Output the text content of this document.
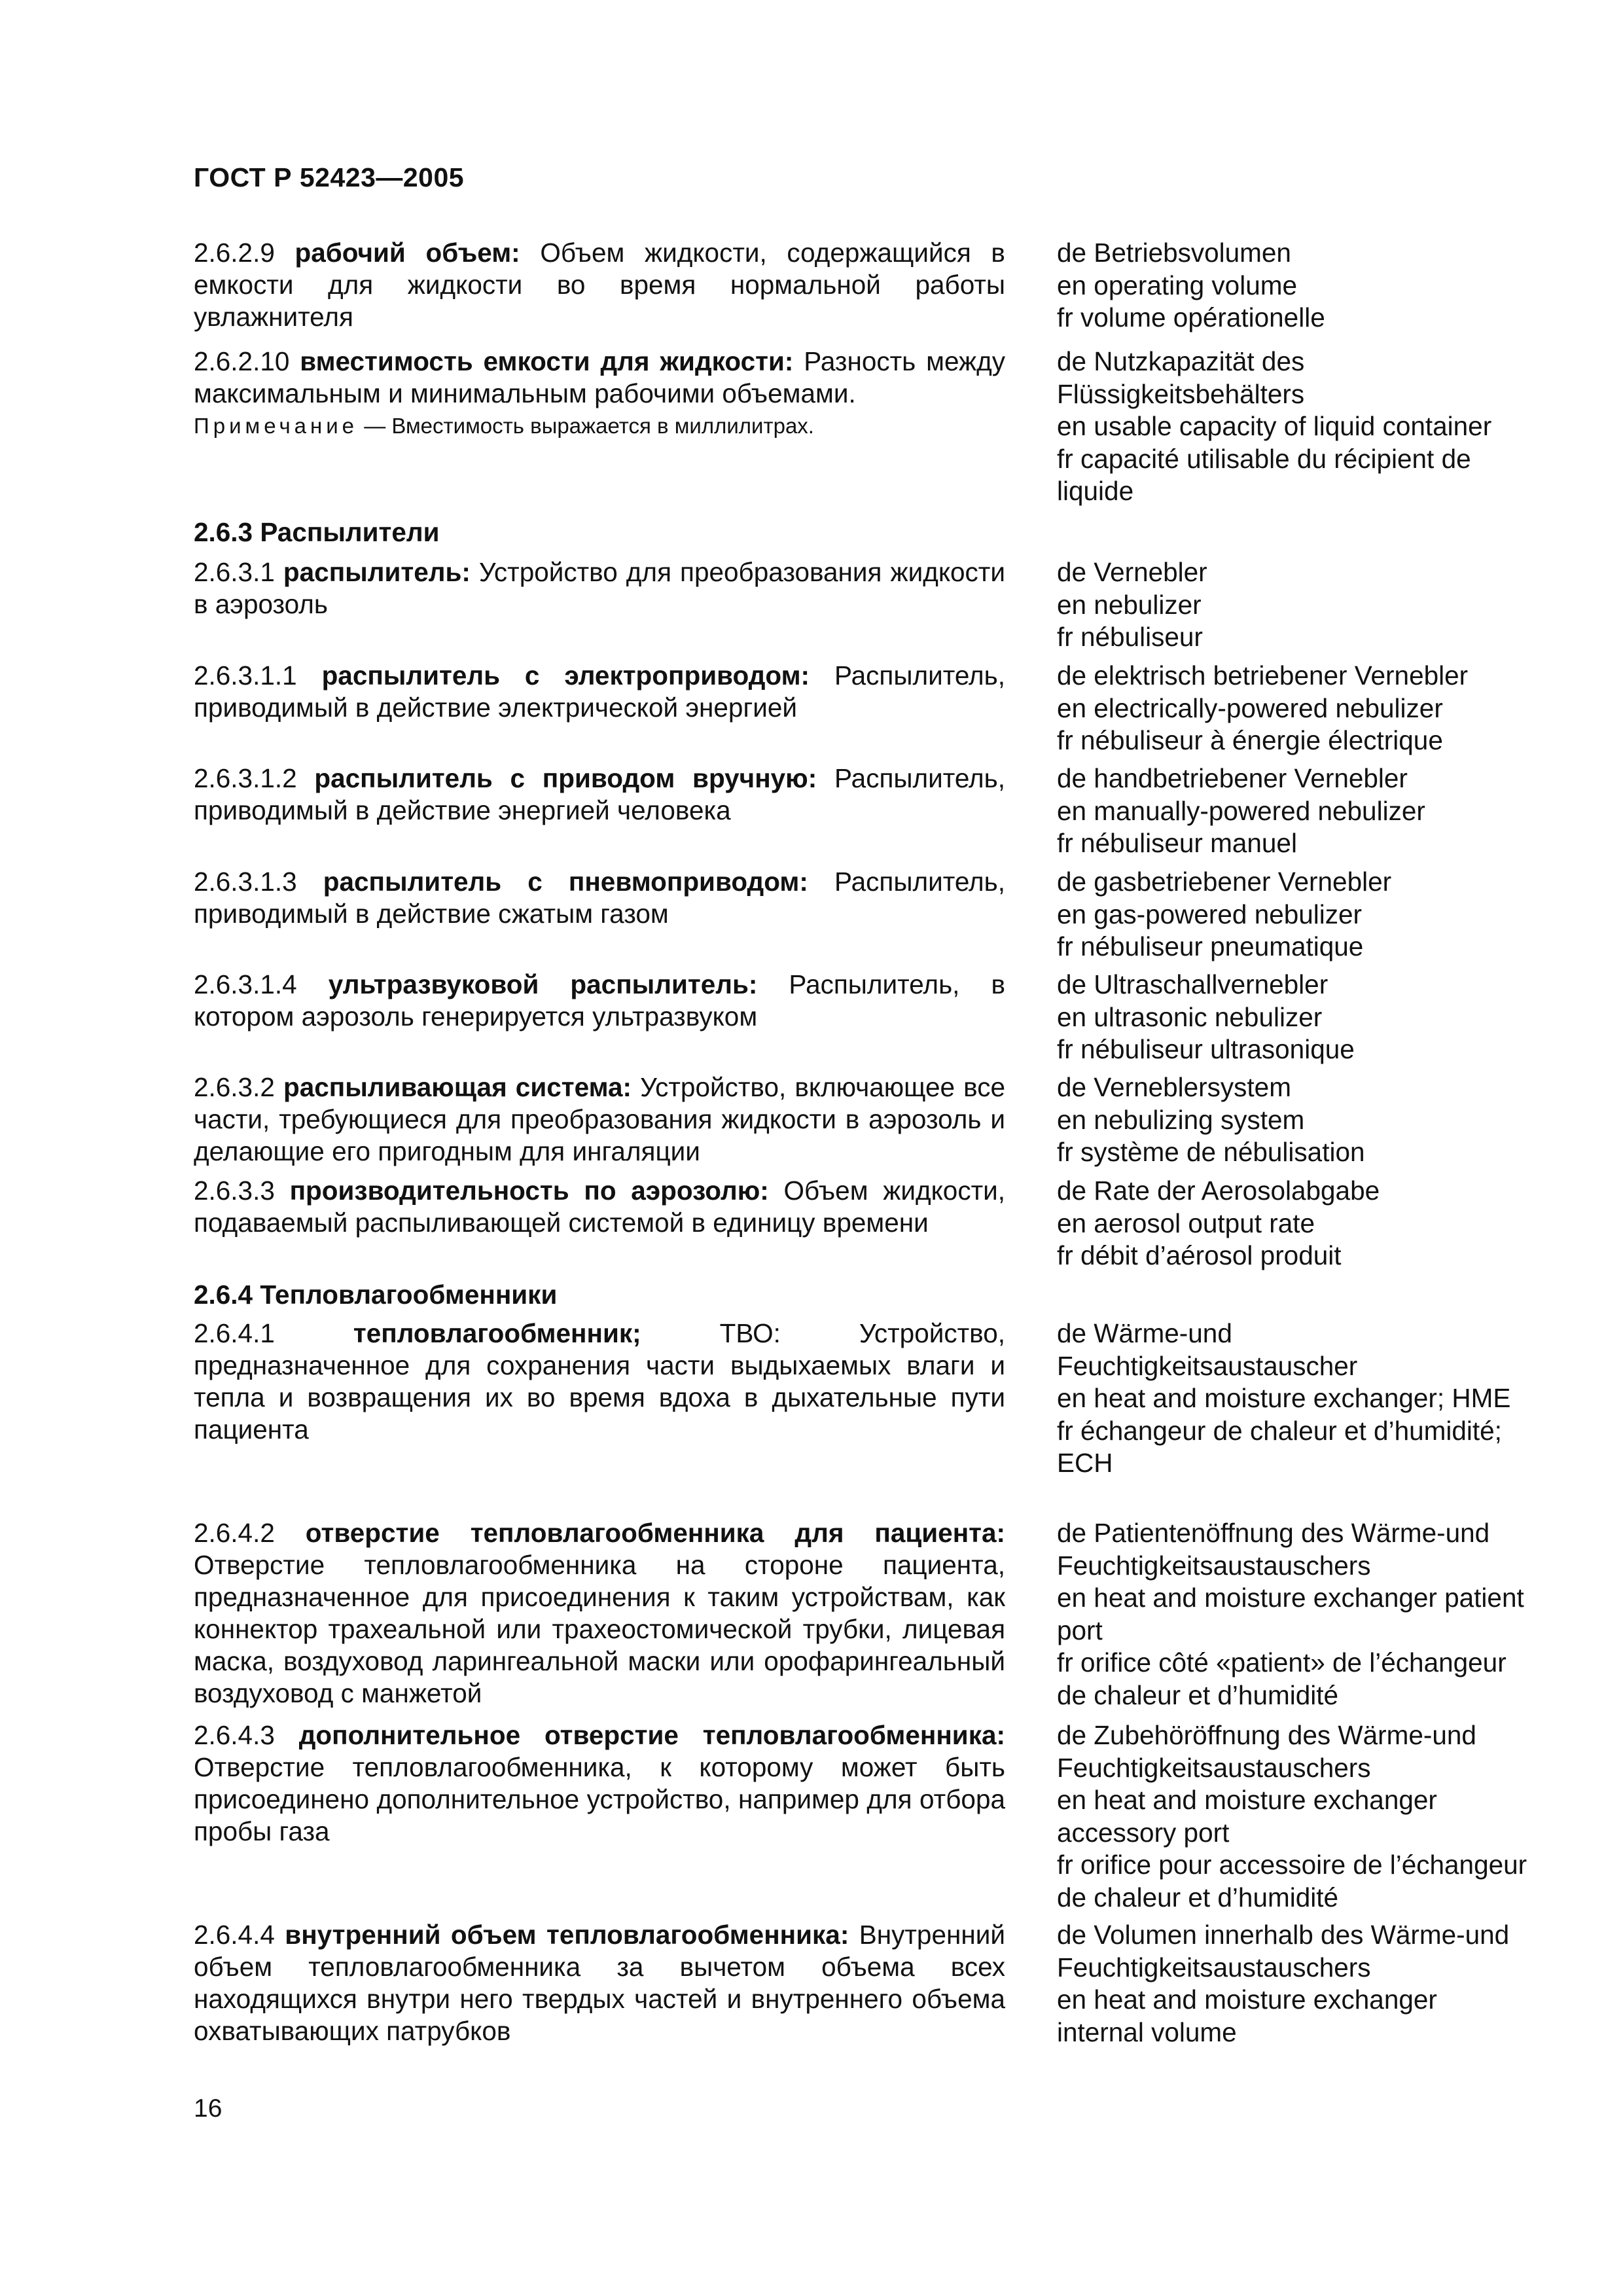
ГОСТ Р 52423—2005
2.6.2.9 рабочий объем: Объем жидкости, содержащийся в емкости для жидкости во время нормальной работы увлажнителя

de Betriebsvolumen

en operating volume

fr volume opérationelle

2.6.2.10 вместимость емкости для жидкости: Разность между максимальным и минимальным рабочими объемами.

Примечание — Вместимость выражается в миллилитрах.

de Nutzkapazität des Flüssigkeitsbehälters

en usable capacity of liquid container

fr capacité utilisable du récipient de liquide

2.6.3 Распылители
2.6.3.1 распылитель: Устройство для преобразования жидкости в аэрозоль

de Vernebler

en nebulizer

fr nébuliseur

2.6.3.1.1 распылитель с электроприводом: Распылитель, приводимый в действие электрической энергией

de elektrisch betriebener Vernebler

en electrically-powered nebulizer

fr nébuliseur à énergie électrique

2.6.3.1.2 распылитель с приводом вручную: Распылитель, приводимый в действие энергией человека

de handbetriebener Vernebler

en manually-powered nebulizer

fr nébuliseur manuel

2.6.3.1.3 распылитель с пневмоприводом: Распылитель, приводимый в действие сжатым газом

de gasbetriebener Vernebler

en gas-powered nebulizer

fr nébuliseur pneumatique

2.6.3.1.4 ультразвуковой распылитель: Распылитель, в котором аэрозоль генерируется ультразвуком

de Ultraschallvernebler

en ultrasonic nebulizer

fr nébuliseur ultrasonique

2.6.3.2 распыливающая система: Устройство, включающее все части, требующиеся для преобразования жидкости в аэрозоль и делающие его пригодным для ингаляции

de Verneblersystem

en nebulizing system

fr système de nébulisation

2.6.3.3 производительность по аэрозолю: Объем жидкости, подаваемый распыливающей системой в единицу времени

de Rate der Aerosolabgabe

en aerosol output rate

fr débit d’aérosol produit

2.6.4 Тепловлагообменники
2.6.4.1	тепловлагообменник;	ТВО: Устройство, предназначенное для сохранения части выдыхаемых влаги и тепла и возвращения их во время вдоха в дыхательные пути пациента

de Wärme-und Feuchtigkeitsaustauscher

en heat and moisture exchanger; HME

fr échangeur de chaleur et d’humidité; ECH

2.6.4.2 отверстие тепловлагообменника для пациента: Отверстие тепловлагообменника на стороне пациента, предназначенное для присоединения к таким устройствам, как коннектор трахеальной или трахеостомической трубки, лицевая маска, воздуховод ларингеальной маски или орофарингеальный воздуховод с манжетой

de Patientenöffnung des Wärme-und Feuchtigkeitsaustauschers

en heat and moisture exchanger patient port

fr orifice côté «patient» de l’échangeur de chaleur et d’humidité

2.6.4.3 дополнительное отверстие тепловлагообменника: Отверстие тепловлагообменника, к которому может быть присоединено дополнительное устройство, например для отбора пробы газа

de Zubehöröffnung des Wärme-und Feuchtigkeitsaustauschers

en heat and moisture exchanger accessory port

fr orifice pour accessoire de l’échangeur de chaleur et d’humidité

2.6.4.4 внутренний объем тепловлагообменника: Внутренний объем тепловлагообменника за вычетом объема всех находящихся внутри него твердых частей и внутреннего объема охватывающих патрубков

de Volumen innerhalb des Wärme-und Feuchtigkeitsaustauschers

en heat and moisture exchanger internal volume

16
